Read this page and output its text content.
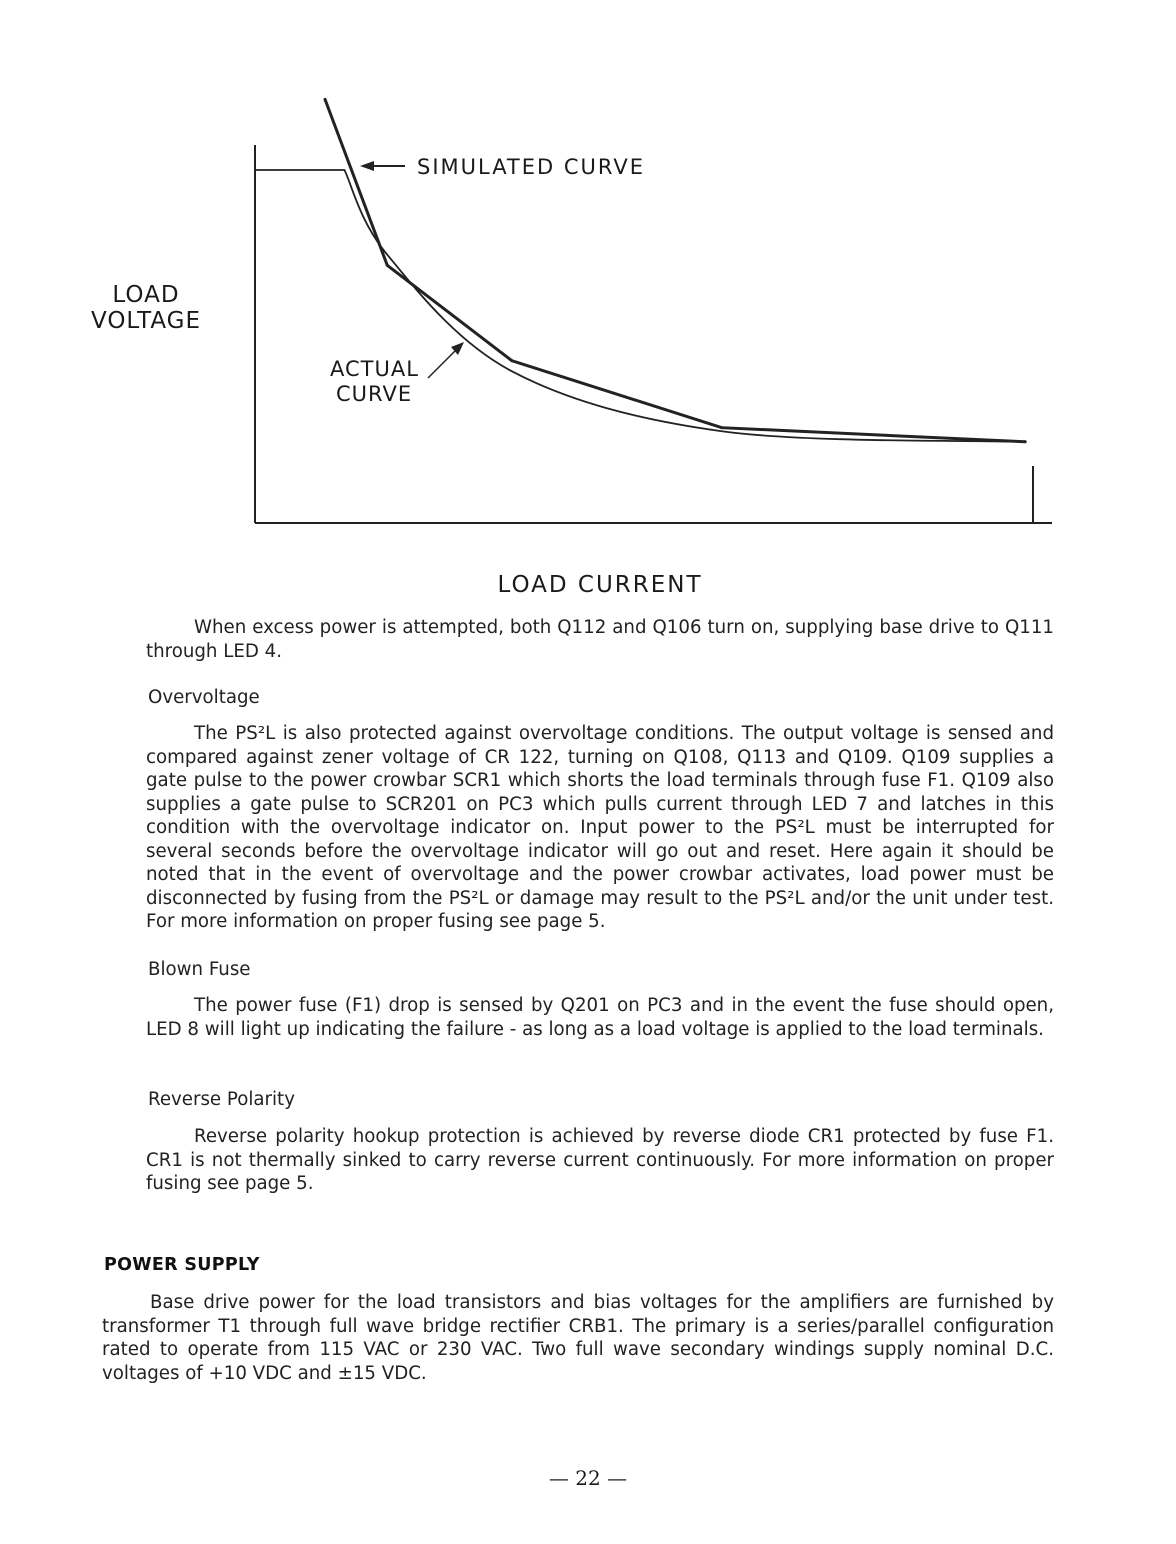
SIMULATED CURVE
ACTUAL
CURVE
LOAD
VOLTAGE
LOAD CURRENT
When excess power is attempted, both Q112 and Q106 turn on, supplying base drive to Q111 through LED 4.
Overvoltage
The PS²L is also protected against overvoltage conditions. The output voltage is sensed and compared against zener voltage of CR 122, turning on Q108, Q113 and Q109. Q109 supplies a gate pulse to the power crowbar SCR1 which shorts the load terminals through fuse F1. Q109 also supplies a gate pulse to SCR201 on PC3 which pulls current through LED 7 and latches in this condition with the overvoltage indicator on. Input power to the PS²L must be interrupted for several seconds before the overvoltage indicator will go out and reset. Here again it should be noted that in the event of overvoltage and the power crowbar activates, load power must be disconnected by fusing from the PS²L or damage may result to the PS²L and/or the unit under test. For more information on proper fusing see page 5.
Blown Fuse
The power fuse (F1) drop is sensed by Q201 on PC3 and in the event the fuse should open, LED 8 will light up indicating the failure - as long as a load voltage is applied to the load terminals.
Reverse Polarity
Reverse polarity hookup protection is achieved by reverse diode CR1 protected by fuse F1. CR1 is not thermally sinked to carry reverse current continuously. For more information on proper fusing see page 5.
POWER SUPPLY
Base drive power for the load transistors and bias voltages for the amplifiers are furnished by transformer T1 through full wave bridge rectifier CRB1. The primary is a series/parallel configuration rated to operate from 115 VAC or 230 VAC. Two full wave secondary windings supply nominal D.C. voltages of +10 VDC and ±15 VDC.
— 22 —
